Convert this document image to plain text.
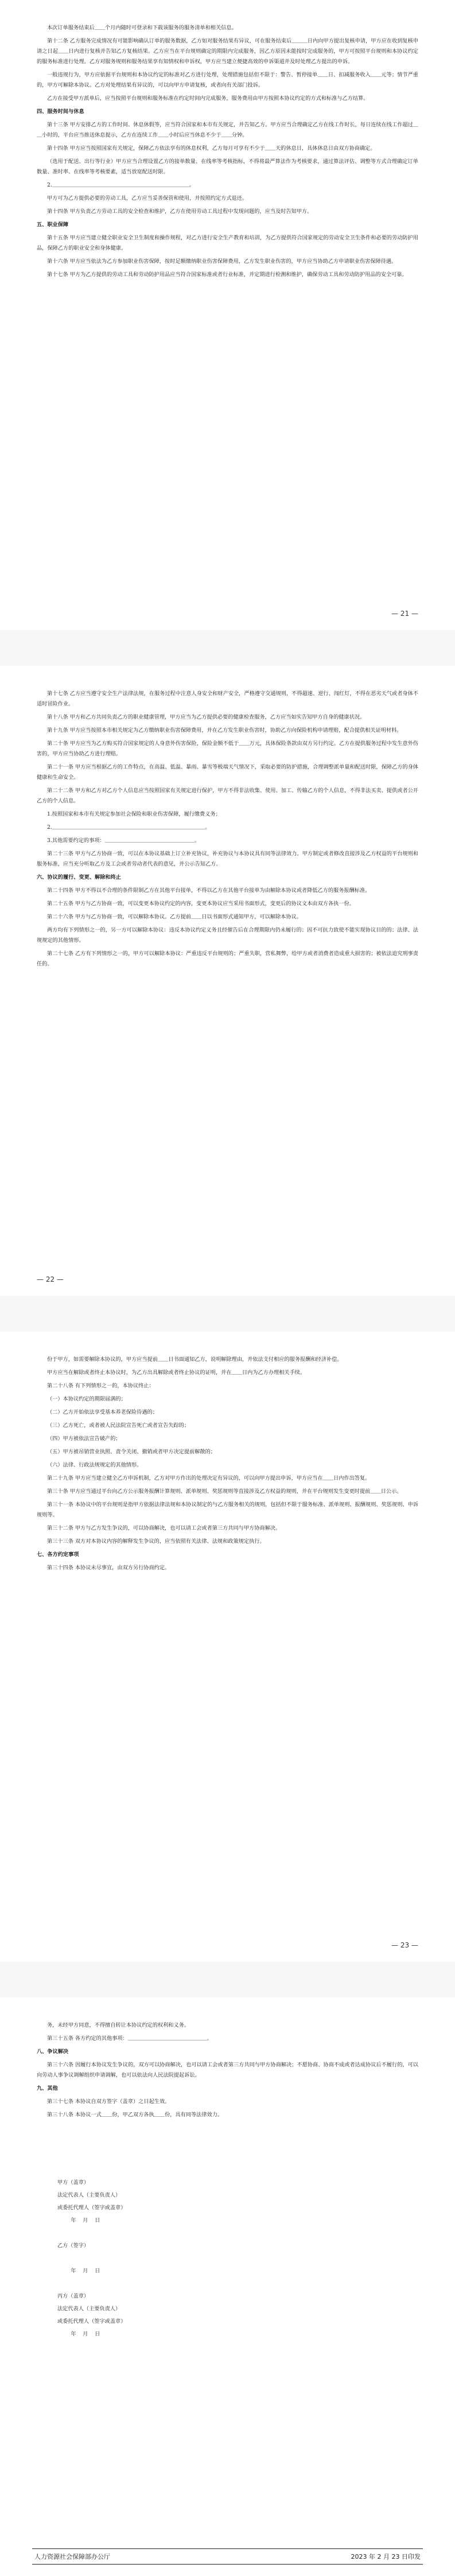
本次订单服务结束后＿＿个月内随时可登录和下载该服务的服务清单和相关信息。

第十二条 乙方服务完成情况有可能影响确认订单的服务数据，乙方如对服务结果有异议，可在服务结束后＿＿＿日内向甲方提出复核申请，甲方应在收到复核申请之日起＿＿日内进行复核并告知乙方复核结果。乙方应当在平台规则确定的期限内完成服务，因乙方原因未能按时完成服务的，甲方可按照平台规则和本协议约定的服务标准进行处理。乙方对服务规则和服务结果享有知情权和申诉权，甲方应当建立便捷高效的申诉渠道并及时处理乙方提出的申诉。

一般违规行为，甲方应依据平台规则和本协议约定的标准对乙方进行处理，处理措施包括但不限于：警告、暂停接单＿＿日、扣减服务收入＿＿元等；情节严重的，甲方可解除本协议。乙方对处理结果有异议的，可以向甲方申请复核，或者向有关部门投诉。

乙方在接受甲方派单后，应当按照平台规则和服务标准在约定时间内完成服务，服务费用由甲方按照本协议约定的方式和标准与乙方结算。

四、服务时间与休息

第十三条 甲方安排乙方的工作时间、休息休假等，应当符合国家和本市有关规定，并告知乙方。甲方应当合理确定乙方在线工作时长，每日连续在线工作超过＿＿小时的，平台应当推送休息提示，乙方在连续工作＿＿小时后应当休息不少于＿＿分钟。

第十四条 甲方应当按照国家有关规定，保障乙方依法享有的休息权利，乙方每月可享有不少于＿＿天的休息日，具体休息日由双方协商确定。

（选用于配送、出行等行业）甲方应当合理设置乙方的接单数量、在线率等考核指标，不得将最严算法作为考核要求，通过算法评估、调整等方式合理确定订单数量、准时率、在线率等考核要素，适当放宽配送时限。

2.＿＿＿＿＿＿＿＿＿＿＿＿＿＿＿＿＿＿＿＿＿＿＿＿＿＿。

甲方可为乙方提供必要的劳动工具，乙方应当妥善保管和使用，并按照约定方式退还。

第十四条 甲方负责乙方劳动工具的安全检查和维护，乙方在使用劳动工具过程中发现问题的，应当及时告知甲方。

五、职业保障

第十五条 甲方应当建立健全职业安全卫生制度和操作规程，对乙方进行安全生产教育和培训，为乙方提供符合国家规定的劳动安全卫生条件和必要的劳动防护用品，保障乙方的职业安全和身体健康。

第十六条 甲方应当依法为乙方参加职业伤害保障，按时足额缴纳职业伤害保障费用，乙方发生职业伤害的，甲方应当协助乙方申请职业伤害保障待遇。

第十七条 甲方为乙方提供的劳动工具和劳动防护用品应当符合国家标准或者行业标准，并定期进行检测和维护，确保劳动工具和劳动防护用品的安全可靠。

— 21 —

第十七条 乙方应当遵守安全生产法律法规，在服务过程中注意人身安全和财产安全，严格遵守交通规则，不得超速、逆行、闯红灯，不得在恶劣天气或者身体不适时冒险作业。

第十八条 甲方和乙方共同负责乙方的职业健康管理，甲方应当为乙方提供必要的健康检查服务，乙方应当如实告知甲方自身的健康状况。

第十九条 甲方应当按照本市相关规定为乙方缴纳职业伤害保障费用，并在乙方发生职业伤害时，协助乙方向保险机构申请理赔，配合提供相关证明材料。

第二十条 甲方应当为乙方购买符合国家规定的人身意外伤害保险，保险金额不低于＿＿万元，具体保险条款由双方另行约定。乙方在提供服务过程中发生意外伤害的，甲方应当协助乙方进行理赔。

第二十一条 甲方应当根据乙方的工作特点，在高温、低温、暴雨、暴雪等极端天气情况下，采取必要的防护措施，合理调整派单量和配送时限，保障乙方的身体健康和生命安全。

第二十二条 甲方和乙方对乙方个人信息应当按照国家有关规定进行保护，甲方不得非法收集、使用、加工、传输乙方的个人信息，不得非法买卖、提供或者公开乙方的个人信息。

1.按照国家和本市有关规定参加社会保险和职业伤害保障，履行缴费义务；

2.＿＿＿＿＿＿＿＿＿＿＿＿＿＿＿＿＿＿＿＿＿＿＿＿＿＿＿＿＿。

3.其他需要约定的事项：＿＿＿＿＿＿＿＿＿＿＿＿＿＿＿＿＿。

第二十三条 甲方与乙方协商一致，可以在本协议基础上订立补充协议，补充协议与本协议具有同等法律效力。甲方制定或者修改直接涉及乙方权益的平台规则和服务标准，应当充分听取乙方及工会或者劳动者代表的意见，并公示告知乙方。

六、协议的履行、变更、解除和终止

第二十四条 甲方不得以不合理的条件限制乙方在其他平台接单，不得以乙方在其他平台接单为由解除本协议或者降低乙方的服务报酬标准。

第二十五条 甲方与乙方协商一致，可以变更本协议约定的内容，变更本协议应当采用书面形式，变更后的协议文本由双方各执一份。

第二十六条 甲方与乙方协商一致，可以解除本协议。乙方提前＿＿日以书面形式通知甲方，可以解除本协议。

两方均有下列情形之一的，另一方可以解除本协议：违反本协议约定义务且经催告后在合理期限内仍未履行的；因不可抗力致使不能实现协议目的的；法律、法规规定的其他情形。

第二十七条 乙方有下列情形之一的，甲方可以解除本协议：严重违反平台规则的；严重失职，营私舞弊，给甲方或者消费者造成重大损害的；被依法追究刑事责任的。

— 22 —

份于甲方，如需要解除本协议的，甲方应当提前＿＿日书面通知乙方，说明解除理由，并依法支付相应的服务报酬和经济补偿。

甲方应当在解除或者终止本协议时，为乙方出具解除或者终止协议的证明，并在＿＿日内为乙方办理相关手续。

第二十八条 有下列情形之一的，本协议终止：

（一）本协议约定的期限届满的；

（二）乙方开始依法享受基本养老保险待遇的；

（三）乙方死亡，或者被人民法院宣告死亡或者宣告失踪的；

（四）甲方被依法宣告破产的；

（五）甲方被吊销营业执照、责令关闭、撤销或者甲方决定提前解散的；

（六）法律、行政法规规定的其他情形。

第二十九条 甲方应当建立健全乙方申诉机制，乙方对甲方作出的处理决定有异议的，可以向甲方提出申诉，甲方应当在＿＿日内作出答复。

第三十条 甲方应当通过平台向乙方公示服务报酬计算规则、派单规则、奖惩规则等直接涉及乙方权益的规则，并在平台规则发生变更时提前＿＿日公示。

第三十一条 本协议中的平台规则是指甲方依据法律法规和本协议制定的与乙方服务相关的规则，包括但不限于服务标准、派单规则、报酬规则、奖惩规则、申诉规则等。

第三十二条 甲方与乙方发生争议的，可以协商解决，也可以请工会或者第三方共同与甲方协商解决。

第三十三条 双方对本协议内容的解释发生争议的，应当依照有关法律、法规和政策规定执行。

七、各方约定事项

第三十四条 本协议未尽事宜，由双方另行协商约定。

— 23 —

务，未经甲方同意，不得擅自转让本协议约定的权利和义务。

第三十五条 各方约定的其他事项：＿＿＿＿＿＿＿＿＿＿＿＿＿＿＿。

八、争议解决

第三十六条 因履行本协议发生争议的，双方可以协商解决，也可以请工会或者第三方共同与甲方协商解决；不愿协商、协商不成或者达成协议后不履行的，可以向劳动人事争议调解组织申请调解，也可以依法向人民法院提起诉讼。

九、其他

第三十七条 本协议自双方签字（盖章）之日起生效。

第三十八条 本协议一式＿＿份，甲乙双方各执＿＿份，具有同等法律效力。

甲方（盖章）
法定代表人（主要负责人）
或委托代理人（签字或盖章）
年    月    日

乙方（签字）

年    月    日

丙方（盖章）
法定代表人（主要负责人）
或委托代理人（签字或盖章）
年    月    日
人力资源社会保障部办公厅	2023 年 2 月 23 日印发
